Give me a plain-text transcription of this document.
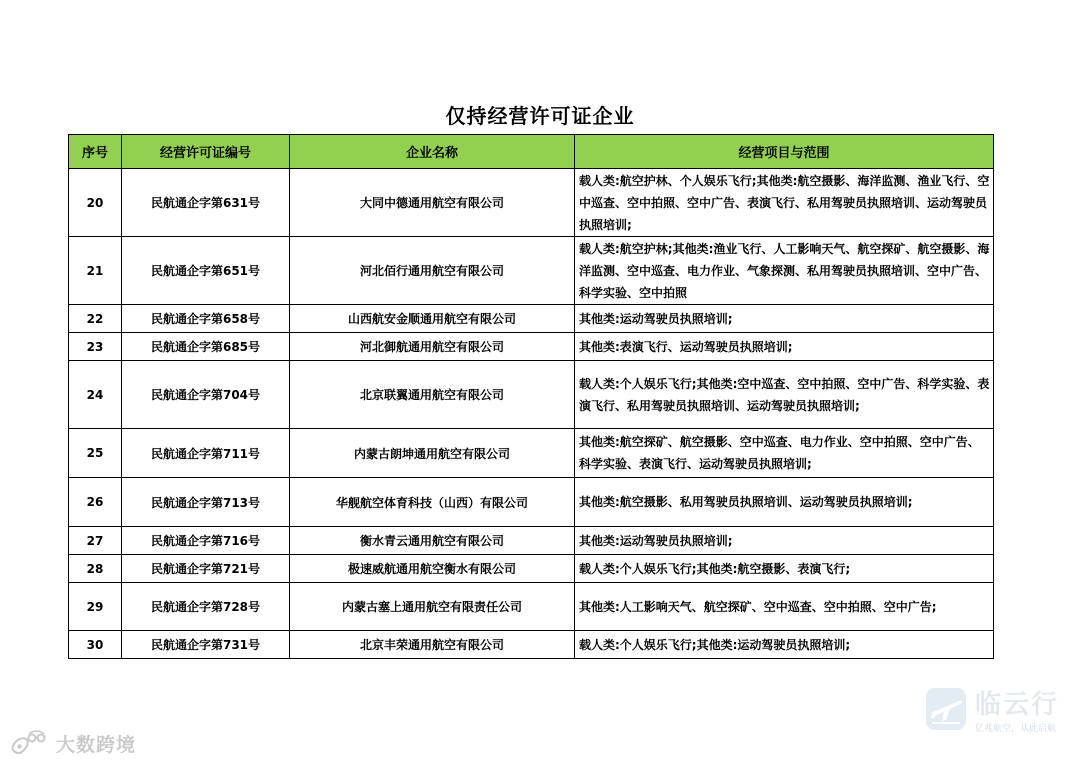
仅持经营许可证企业
序号	经营许可证编号	企业名称	经营项目与范围
20	民航通企字第631号	大同中德通用航空有限公司	载人类:航空护林、个人娱乐飞行;其他类:航空摄影、海洋监测、渔业飞行、空中巡查、空中拍照、空中广告、表演飞行、私用驾驶员执照培训、运动驾驶员执照培训;
21	民航通企字第651号	河北佰行通用航空有限公司	载人类:航空护林;其他类:渔业飞行、人工影响天气、航空探矿、航空摄影、海洋监测、空中巡查、电力作业、气象探测、私用驾驶员执照培训、空中广告、科学实验、空中拍照
22	民航通企字第658号	山西航安金顺通用航空有限公司	其他类:运动驾驶员执照培训;
23	民航通企字第685号	河北御航通用航空有限公司	其他类:表演飞行、运动驾驶员执照培训;
24	民航通企字第704号	北京联翼通用航空有限公司	载人类:个人娱乐飞行;其他类:空中巡查、空中拍照、空中广告、科学实验、表演飞行、私用驾驶员执照培训、运动驾驶员执照培训;
25	民航通企字第711号	内蒙古朗坤通用航空有限公司	其他类:航空探矿、航空摄影、空中巡查、电力作业、空中拍照、空中广告、科学实验、表演飞行、运动驾驶员执照培训;
26	民航通企字第713号	华舰航空体育科技（山西）有限公司	其他类:航空摄影、私用驾驶员执照培训、运动驾驶员执照培训;
27	民航通企字第716号	衡水青云通用航空有限公司	其他类:运动驾驶员执照培训;
28	民航通企字第721号	极速威航通用航空衡水有限公司	载人类:个人娱乐飞行;其他类:航空摄影、表演飞行;
29	民航通企字第728号	内蒙古塞上通用航空有限责任公司	其他类:人工影响天气、航空探矿、空中巡查、空中拍照、空中广告;
30	民航通企字第731号	北京丰荣通用航空有限公司	载人类:个人娱乐飞行;其他类:运动驾驶员执照培训;
大数跨境
临云行
亿兆航空，从此启航
